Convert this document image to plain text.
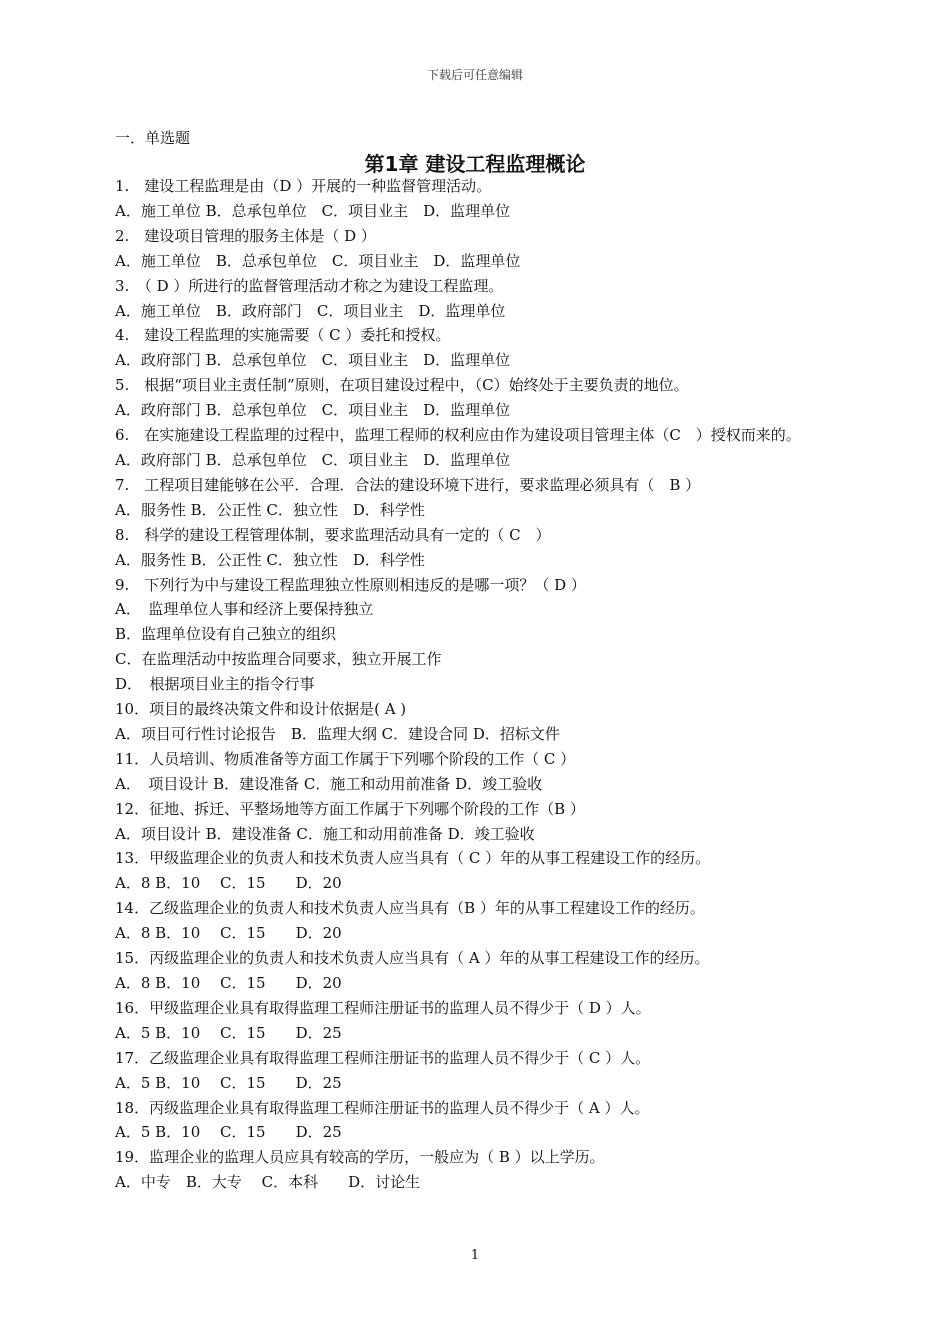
下载后可任意编辑
一．单选题
第1章 建设工程监理概论
1.　建设工程监理是由（D ）开展的一种监督管理活动。
A．施工单位 B．总承包单位　C．项目业主　D．监理单位
2.　建设项目管理的服务主体是（ D ）
A．施工单位　B．总承包单位　C．项目业主　D．监理单位
3.　（ D ）所进行的监督管理活动才称之为建设工程监理。
A．施工单位　B．政府部门　C．项目业主　D．监理单位
4.　建设工程监理的实施需要（ C ）委托和授权。
A．政府部门 B．总承包单位　C．项目业主　D．监理单位
5.　根据“项目业主责任制”原则，在项目建设过程中，（C）始终处于主要负责的地位。
A．政府部门 B．总承包单位　C．项目业主　D．监理单位
6.　在实施建设工程监理的过程中，监理工程师的权利应由作为建设项目管理主体（C　）授权而来的。
A．政府部门 B．总承包单位　C．项目业主　D．监理单位
7.　工程项目建能够在公平．合理．合法的建设环境下进行，要求监理必须具有（　B ）
A．服务性 B．公正性 C．独立性　D．科学性
8.　科学的建设工程管理体制，要求监理活动具有一定的（ C　）
A．服务性 B．公正性 C．独立性　D．科学性
9.　下列行为中与建设工程监理独立性原则相违反的是哪一项？（ D ）
A．　监理单位人事和经济上要保持独立
B．监理单位设有自己独立的组织
C．在监理活动中按监理合同要求，独立开展工作
D．　根据项目业主的指令行事
10．项目的最终决策文件和设计依据是( A )
A．项目可行性讨论报告　B．监理大纲 C．建设合同 D．招标文件
11．人员培训、物质准备等方面工作属于下列哪个阶段的工作（ C ）
A．　项目设计 B．建设准备 C．施工和动用前准备 D．竣工验收
12．征地、拆迁、平整场地等方面工作属于下列哪个阶段的工作（B ）
A．项目设计 B．建设准备 C．施工和动用前准备 D．竣工验收
13．甲级监理企业的负责人和技术负责人应当具有（ C ）年的从事工程建设工作的经历。
A．8 B．10　 C．15　　D．20
14．乙级监理企业的负责人和技术负责人应当具有（B ）年的从事工程建设工作的经历。
A．8 B．10　 C．15　　D．20
15．丙级监理企业的负责人和技术负责人应当具有（ A ）年的从事工程建设工作的经历。
A．8 B．10　 C．15　　D．20
16．甲级监理企业具有取得监理工程师注册证书的监理人员不得少于（ D ）人。
A．5 B．10　 C．15　　D．25
17．乙级监理企业具有取得监理工程师注册证书的监理人员不得少于（ C ）人。
A．5 B．10　 C．15　　D．25
18．丙级监理企业具有取得监理工程师注册证书的监理人员不得少于（ A ）人。
A．5 B．10　 C．15　　D．25
19．监理企业的监理人员应具有较高的学历，一般应为（ B ）以上学历。
A．中专　B．大专　 C．本科　　D．讨论生
1
